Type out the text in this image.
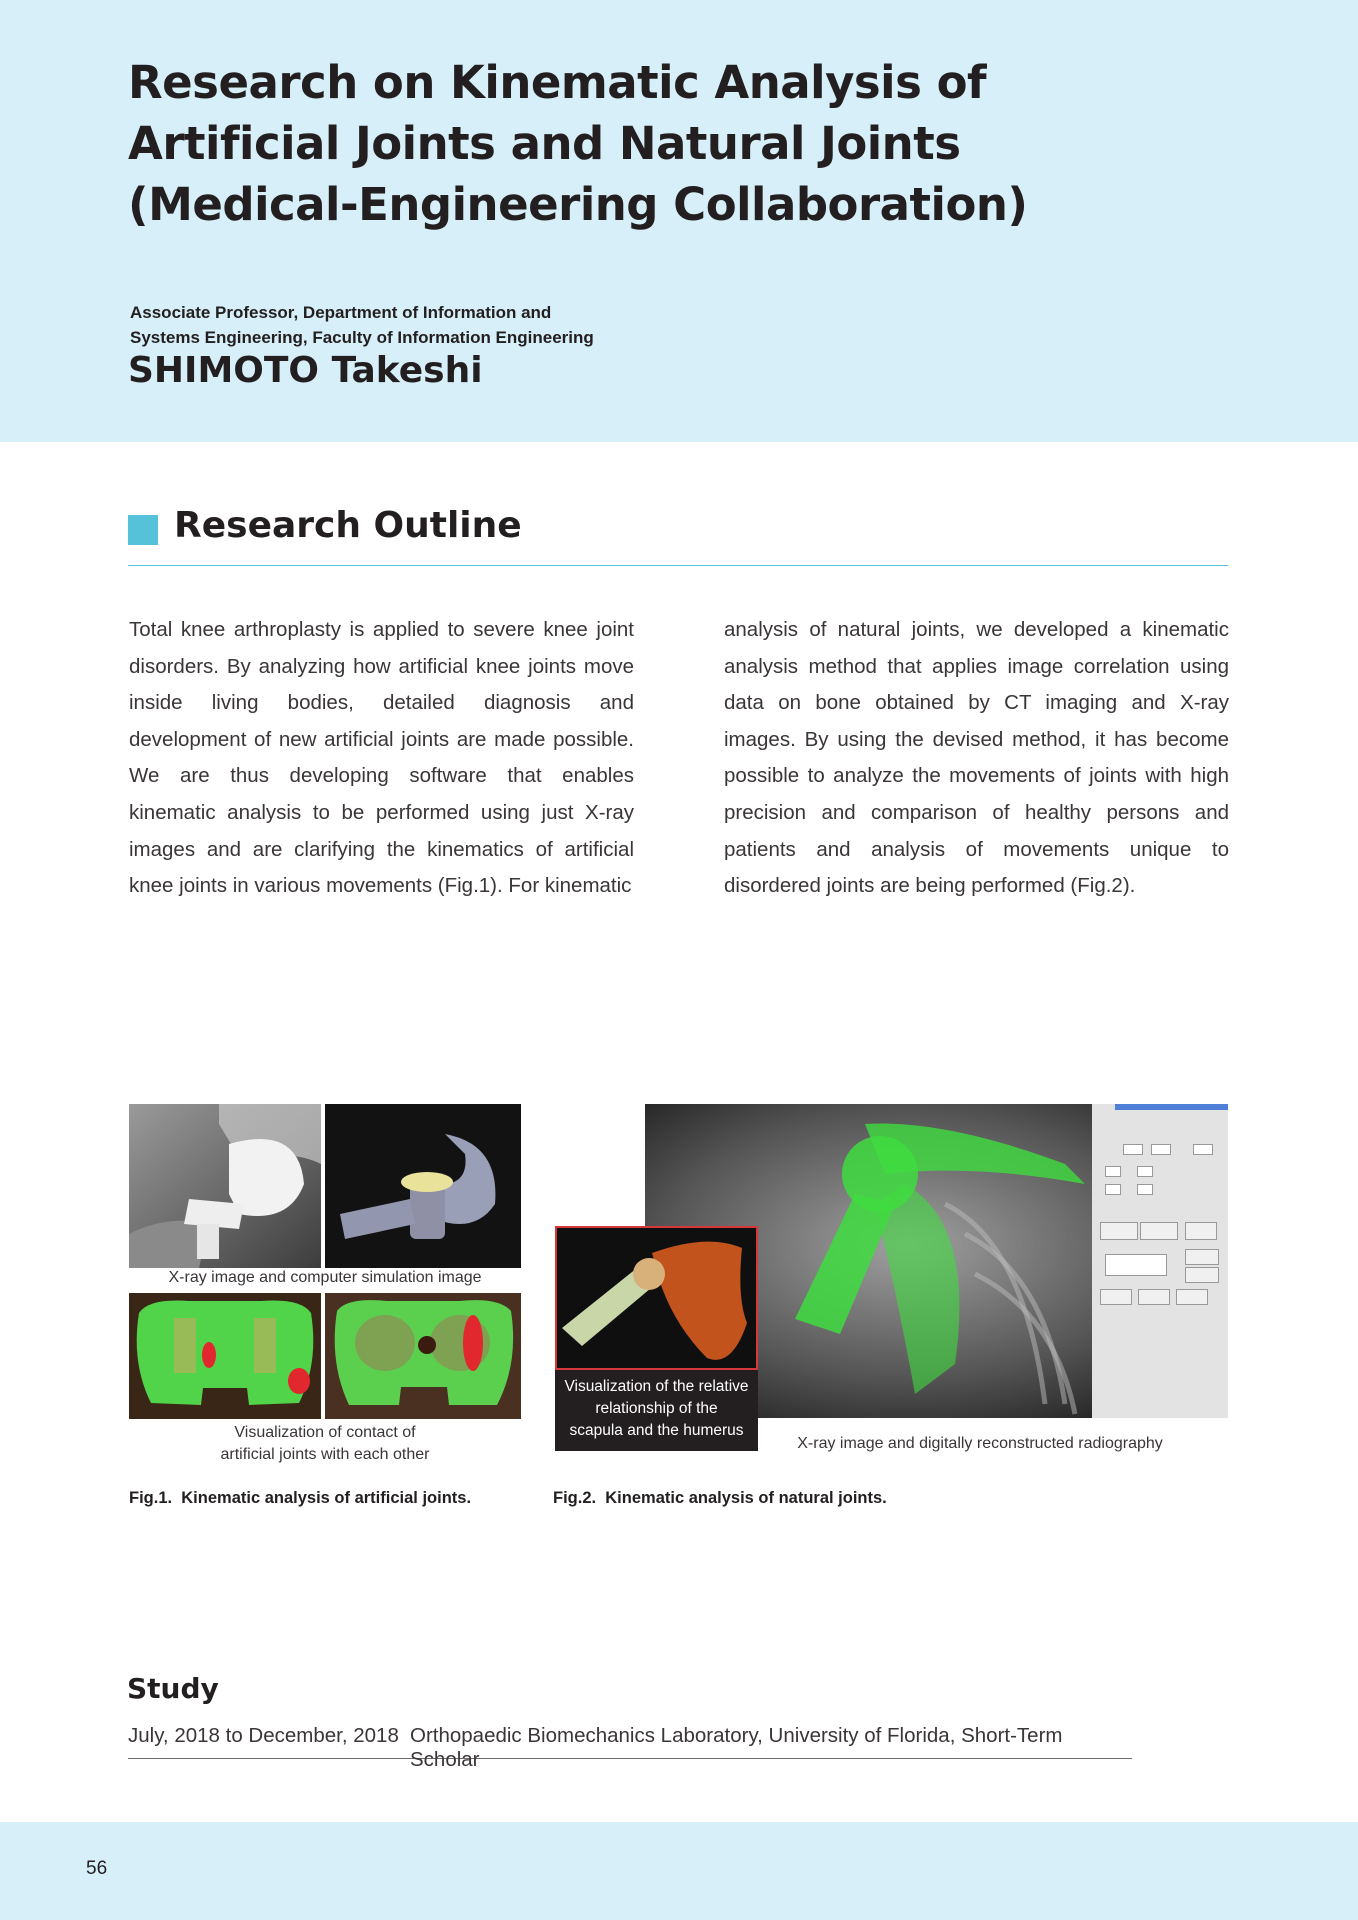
Research on Kinematic Analysis of
Artificial Joints and Natural Joints
(Medical-Engineering Collaboration)
Associate Professor, Department of Information and
Systems Engineering, Faculty of Information Engineering
SHIMOTO Takeshi
Research Outline

Total knee arthroplasty is applied to severe knee joint disorders. By analyzing how artificial knee joints move inside living bodies, detailed diagnosis and development of new artificial joints are made possible. We are thus developing software that enables kinematic analysis to be performed using just X-ray images and are clarifying the kinematics of artificial knee joints in various movements (Fig.1). For kinematic

analysis of natural joints, we developed a kinematic analysis method that applies image correlation using data on bone obtained by CT imaging and X-ray images. By using the devised method, it has become possible to analyze the movements of joints with high precision and comparison of healthy persons and patients and analysis of movements unique to disordered joints are being performed (Fig.2).

X-ray image and computer simulation image
Visualization of contact of
artificial joints with each other
Fig.1. Kinematic analysis of artificial joints.
Visualization of the relative
relationship of the
scapula and the humerus
X-ray image and digitally reconstructed radiography
Fig.2. Kinematic analysis of natural joints.
Study
July, 2018 to December, 2018 Orthopaedic Biomechanics Laboratory, University of Florida, Short-Term Scholar
56
